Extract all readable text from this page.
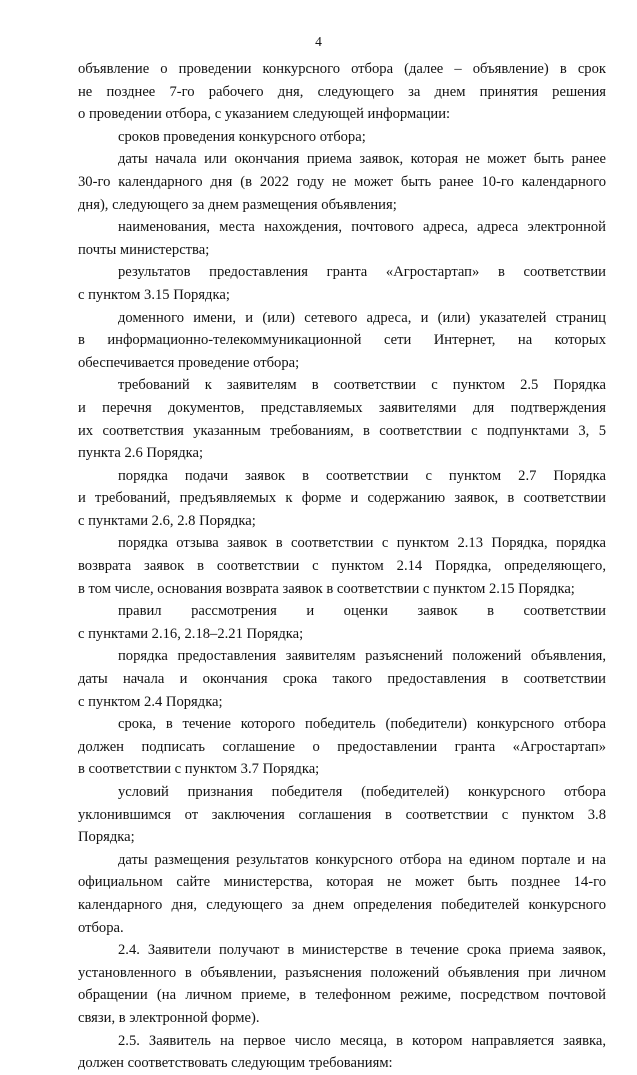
4
объявление о проведении конкурсного отбора (далее – объявление) в срок
не позднее 7-го рабочего дня, следующего за днем принятия решения
о проведении отбора, с указанием следующей информации:
сроков проведения конкурсного отбора;
даты начала или окончания приема заявок, которая не может быть ранее
30-го календарного дня (в 2022 году не может быть ранее 10-го календарного
дня), следующего за днем размещения объявления;
наименования, места нахождения, почтового адреса, адреса электронной
почты министерства;
результатов предоставления гранта «Агростартап» в соответствии
с пунктом 3.15 Порядка;
доменного имени, и (или) сетевого адреса, и (или) указателей страниц
в информационно-телекоммуникационной сети Интернет, на которых
обеспечивается проведение отбора;
требований к заявителям в соответствии с пунктом 2.5 Порядка
и перечня документов, представляемых заявителями для подтверждения
их соответствия указанным требованиям, в соответствии с подпунктами 3, 5
пункта 2.6 Порядка;
порядка подачи заявок в соответствии с пунктом 2.7 Порядка
и требований, предъявляемых к форме и содержанию заявок, в соответствии
с пунктами 2.6, 2.8 Порядка;
порядка отзыва заявок в соответствии с пунктом 2.13 Порядка, порядка
возврата заявок в соответствии с пунктом 2.14 Порядка, определяющего,
в том числе, основания возврата заявок в соответствии с пунктом 2.15 Порядка;
правил рассмотрения и оценки заявок в соответствии
с пунктами 2.16, 2.18–2.21 Порядка;
порядка предоставления заявителям разъяснений положений объявления,
даты начала и окончания срока такого предоставления в соответствии
с пунктом 2.4 Порядка;
срока, в течение которого победитель (победители) конкурсного отбора
должен подписать соглашение о предоставлении гранта «Агростартап»
в соответствии с пунктом 3.7 Порядка;
условий признания победителя (победителей) конкурсного отбора
уклонившимся от заключения соглашения в соответствии с пунктом 3.8
Порядка;
даты размещения результатов конкурсного отбора на едином портале и на
официальном сайте министерства, которая не может быть позднее 14-го
календарного дня, следующего за днем определения победителей конкурсного
отбора.
2.4. Заявители получают в министерстве в течение срока приема заявок,
установленного в объявлении, разъяснения положений объявления при личном
обращении (на личном приеме, в телефонном режиме, посредством почтовой
связи, в электронной форме).
2.5. Заявитель на первое число месяца, в котором направляется заявка,
должен соответствовать следующим требованиям:
